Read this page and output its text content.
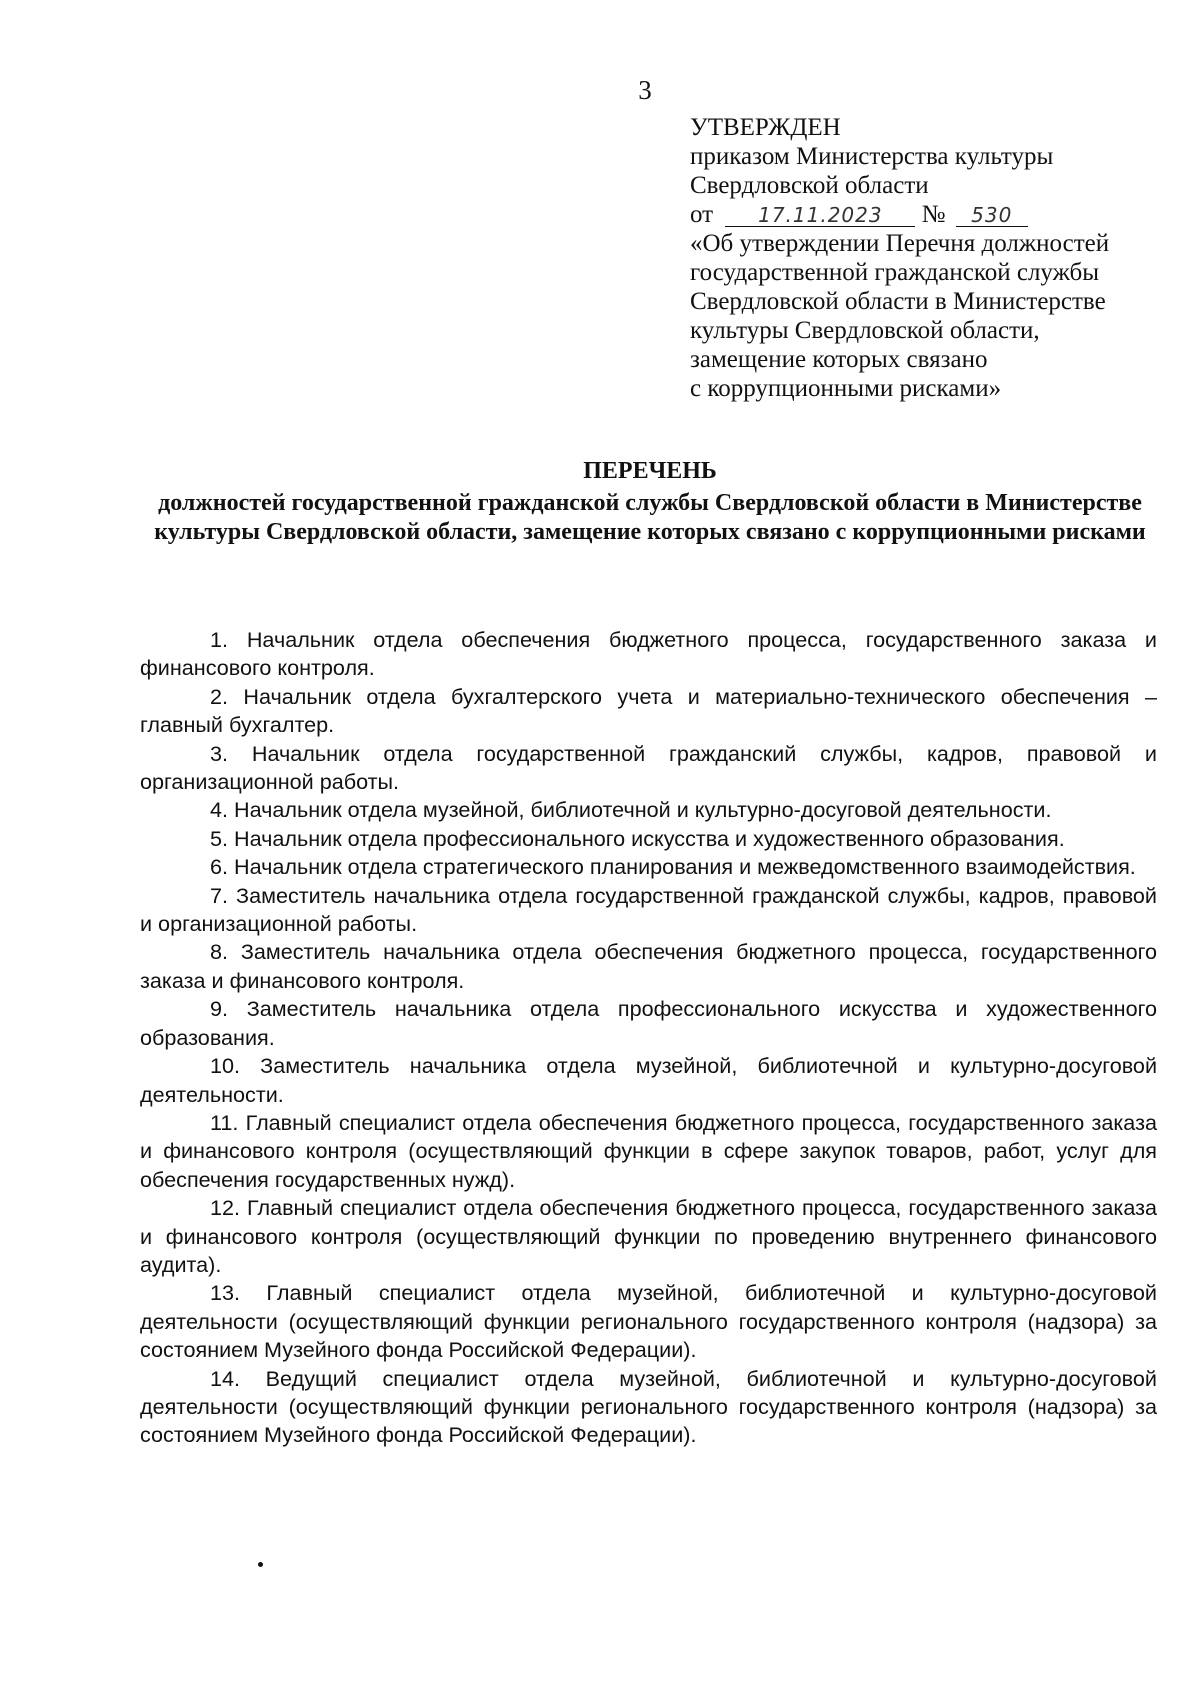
3
УТВЕРЖДЕН
приказом Министерства культуры
Свердловской области
от 17.11.2023 № 530
«Об утверждении Перечня должностей
государственной гражданской службы
Свердловской области в Министерстве
культуры Свердловской области,
замещение которых связано
с коррупционными рисками»
ПЕРЕЧЕНЬ
должностей государственной гражданской службы Свердловской области в Министерстве культуры Свердловской области, замещение которых связано с коррупционными рисками

1. Начальник отдела обеспечения бюджетного процесса, государственного заказа и финансового контроля.

2. Начальник отдела бухгалтерского учета и материально-технического обеспечения – главный бухгалтер.

3. Начальник отдела государственной гражданский службы, кадров, правовой и организационной работы.

4. Начальник отдела музейной, библиотечной и культурно-досуговой деятельности.

5. Начальник отдела профессионального искусства и художественного образования.

6. Начальник отдела стратегического планирования и межведомственного взаимодействия.

7. Заместитель начальника отдела государственной гражданской службы, кадров, правовой и организационной работы.

8. Заместитель начальника отдела обеспечения бюджетного процесса, государственного заказа и финансового контроля.

9. Заместитель начальника отдела профессионального искусства и художественного образования.

10. Заместитель начальника отдела музейной, библиотечной и культурно-досуговой деятельности.

11. Главный специалист отдела обеспечения бюджетного процесса, государственного заказа и финансового контроля (осуществляющий функции в сфере закупок товаров, работ, услуг для обеспечения государственных нужд).

12. Главный специалист отдела обеспечения бюджетного процесса, государственного заказа и финансового контроля (осуществляющий функции по проведению внутреннего финансового аудита).

13. Главный специалист отдела музейной, библиотечной и культурно-досуговой деятельности (осуществляющий функции регионального государственного контроля (надзора) за состоянием Музейного фонда Российской Федерации).

14. Ведущий специалист отдела музейной, библиотечной и культурно-досуговой деятельности (осуществляющий функции регионального государственного контроля (надзора) за состоянием Музейного фонда Российской Федерации).
